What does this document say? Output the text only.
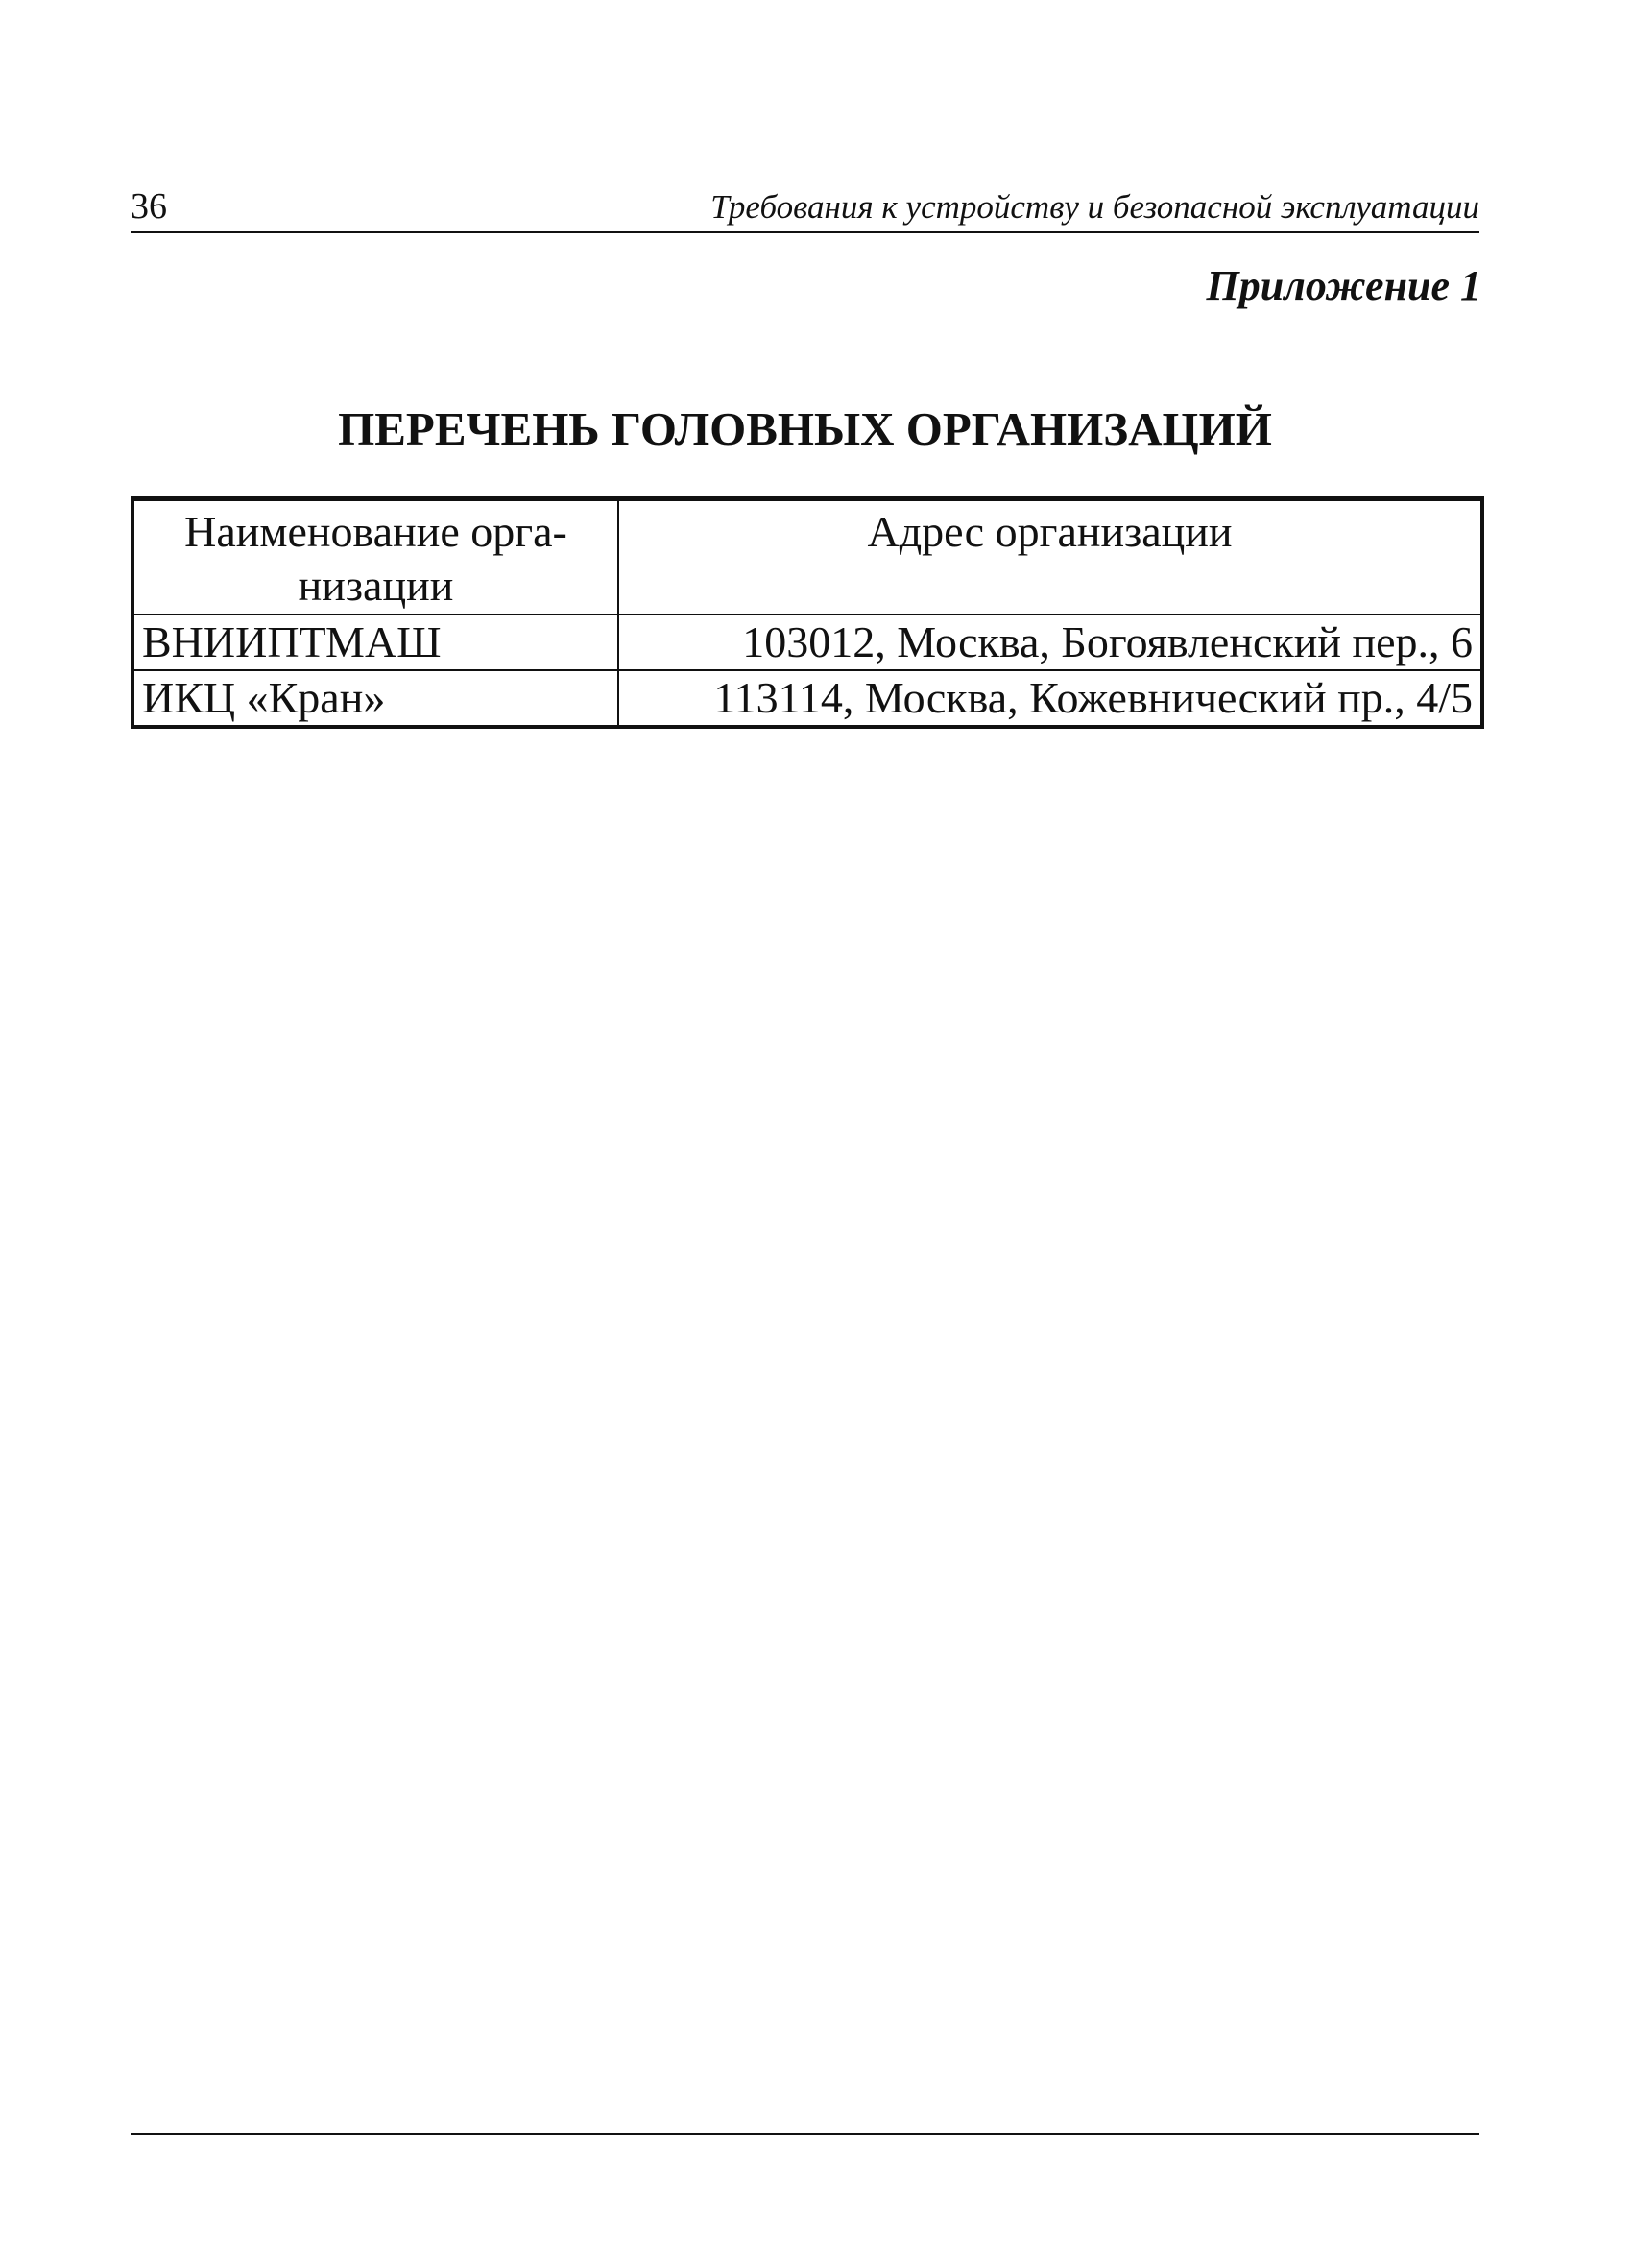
36	Требования к устройству и безопасной эксплуатации
Приложение 1
ПЕРЕЧЕНЬ ГОЛОВНЫХ ОРГАНИЗАЦИЙ
Наименование орга-низации	Адрес организации
ВНИИПТМАШ	103012, Москва, Богоявленский пер., 6
ИКЦ «Кран»	113114, Москва, Кожевнический пр., 4/5
